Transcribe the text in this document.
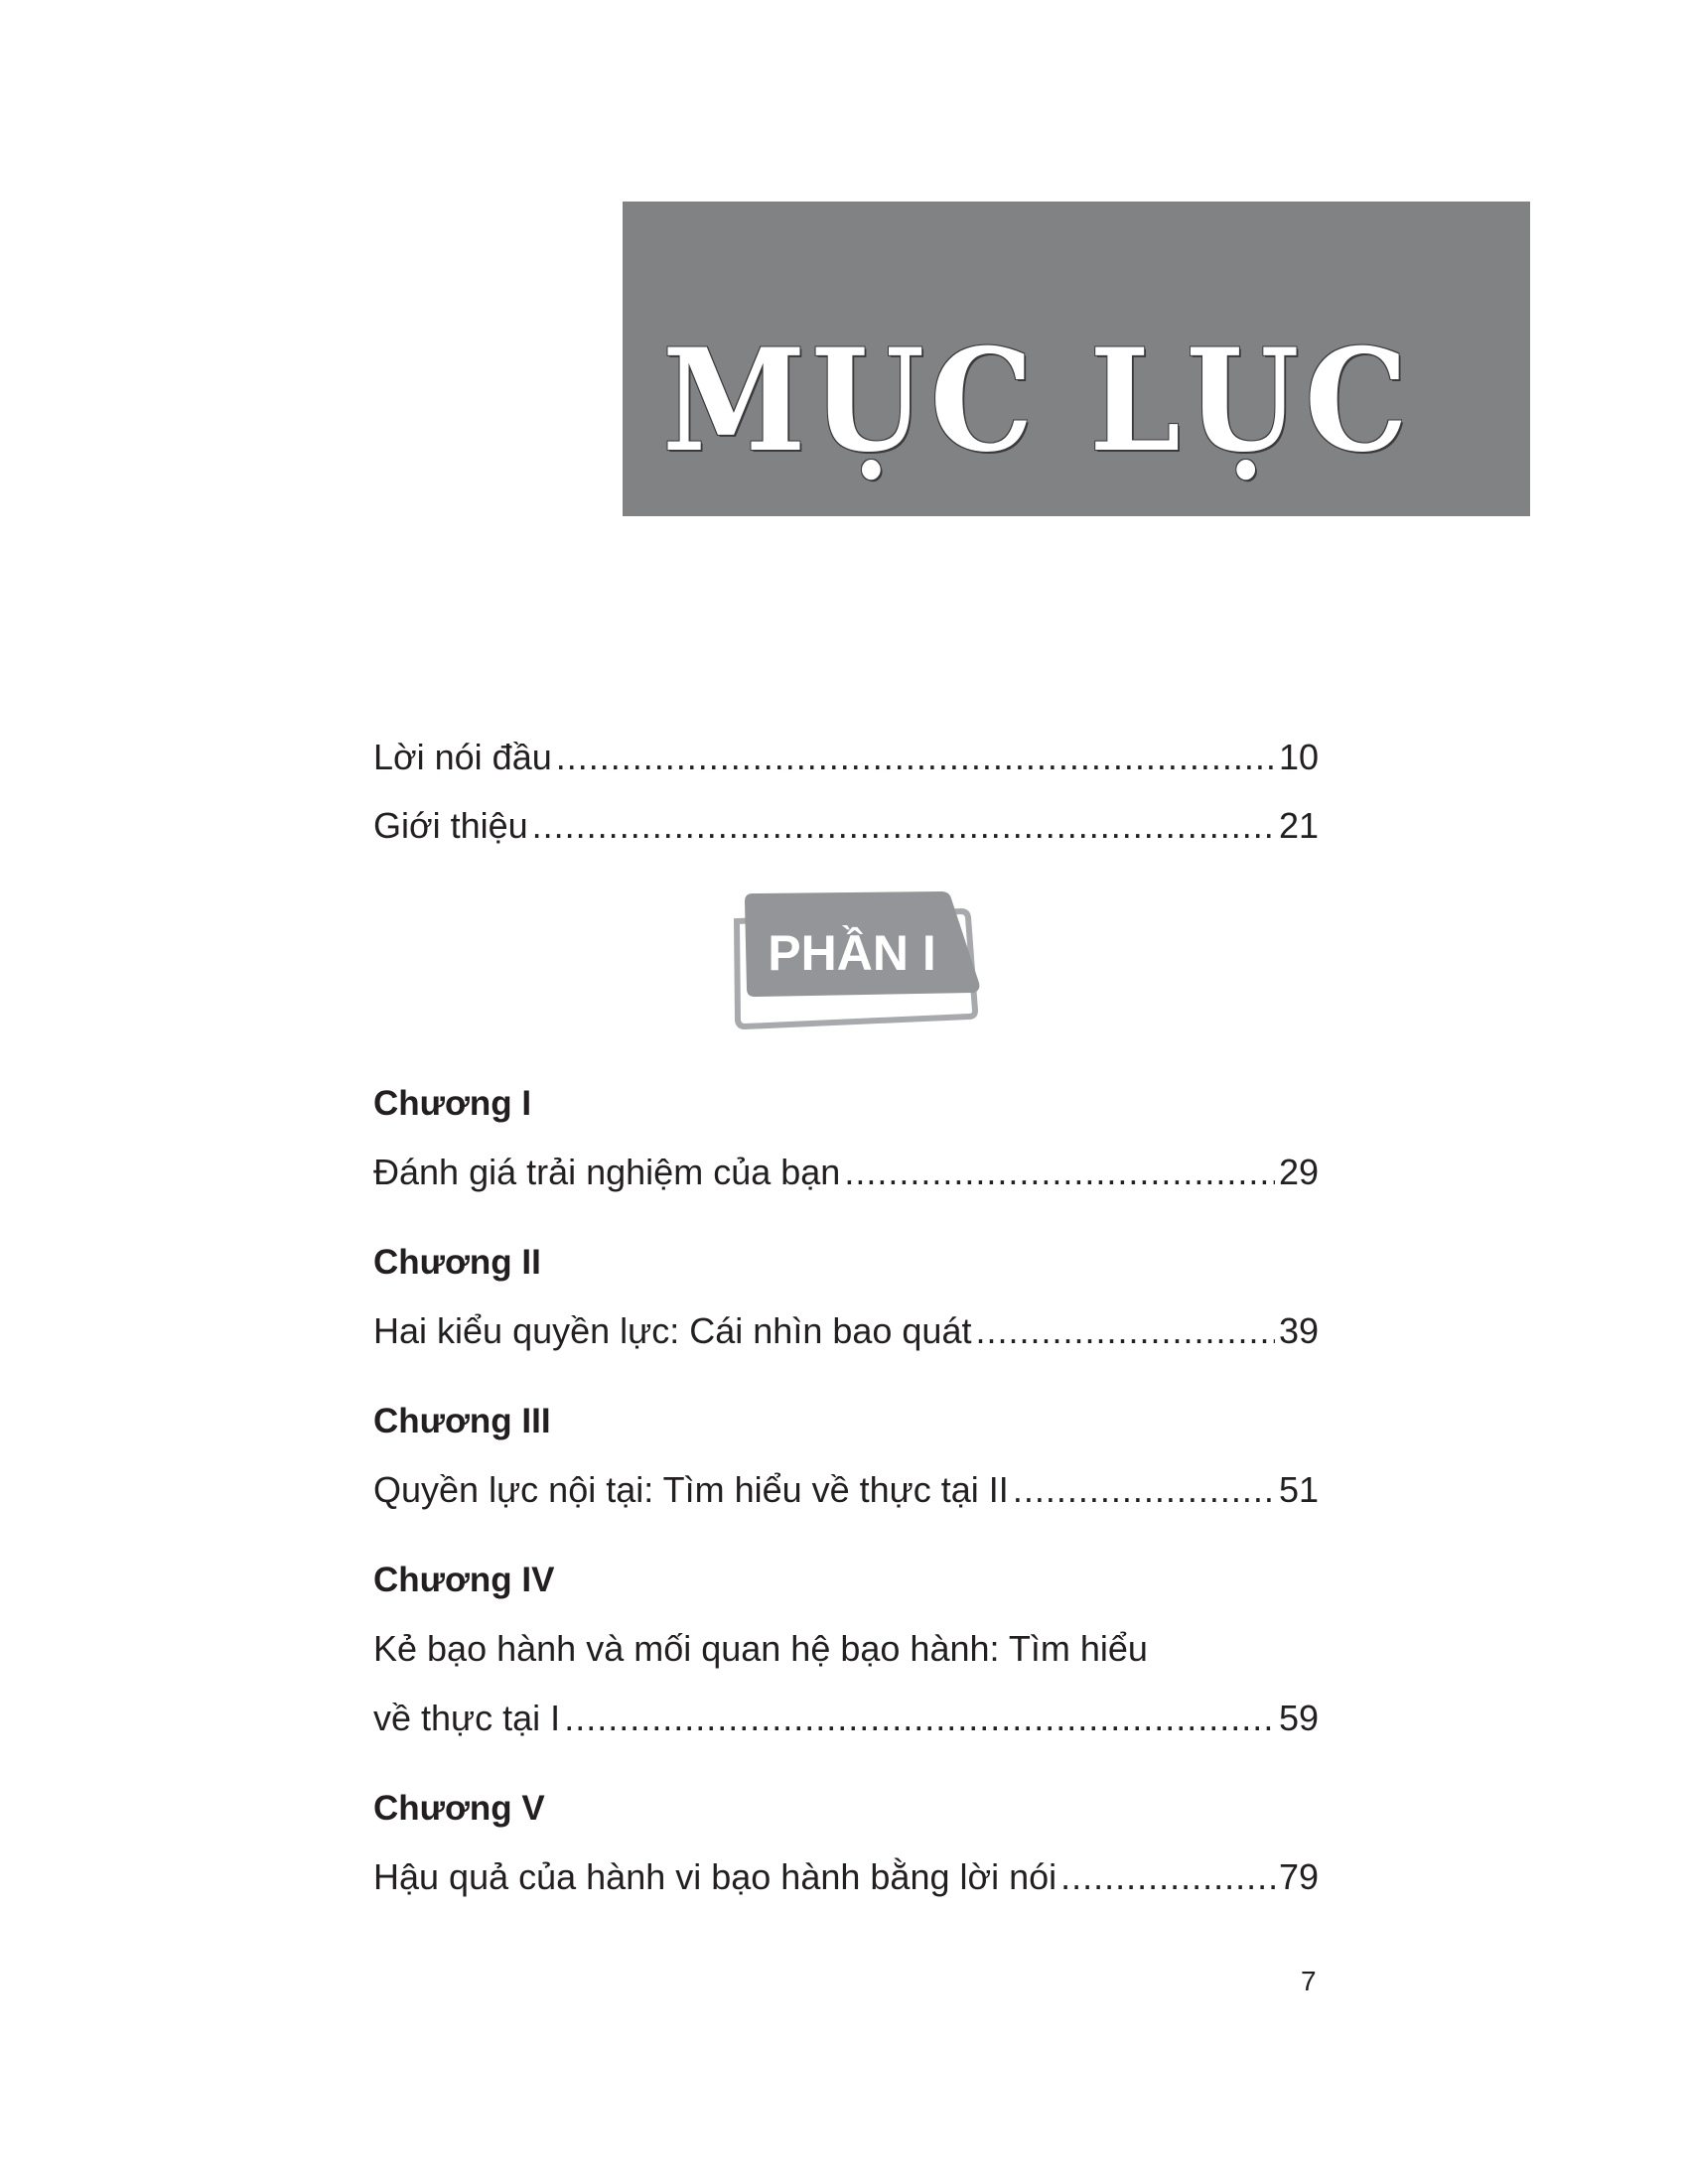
MỤC LỤC
Lời nói đầu .....	10
Giới thiệu .....	21
Chương I
Đánh giá trải nghiệm của bạn .....	29
Chương II
Hai kiểu quyền lực: Cái nhìn bao quát .....	39
Chương III
Quyền lực nội tại: Tìm hiểu về thực tại II .....	51
Chương IV
Kẻ bạo hành và mối quan hệ bạo hành: Tìm hiểu
về thực tại I .....	59
Chương V
Hậu quả của hành vi bạo hành bằng lời nói .....	79
PHẦN I
7
